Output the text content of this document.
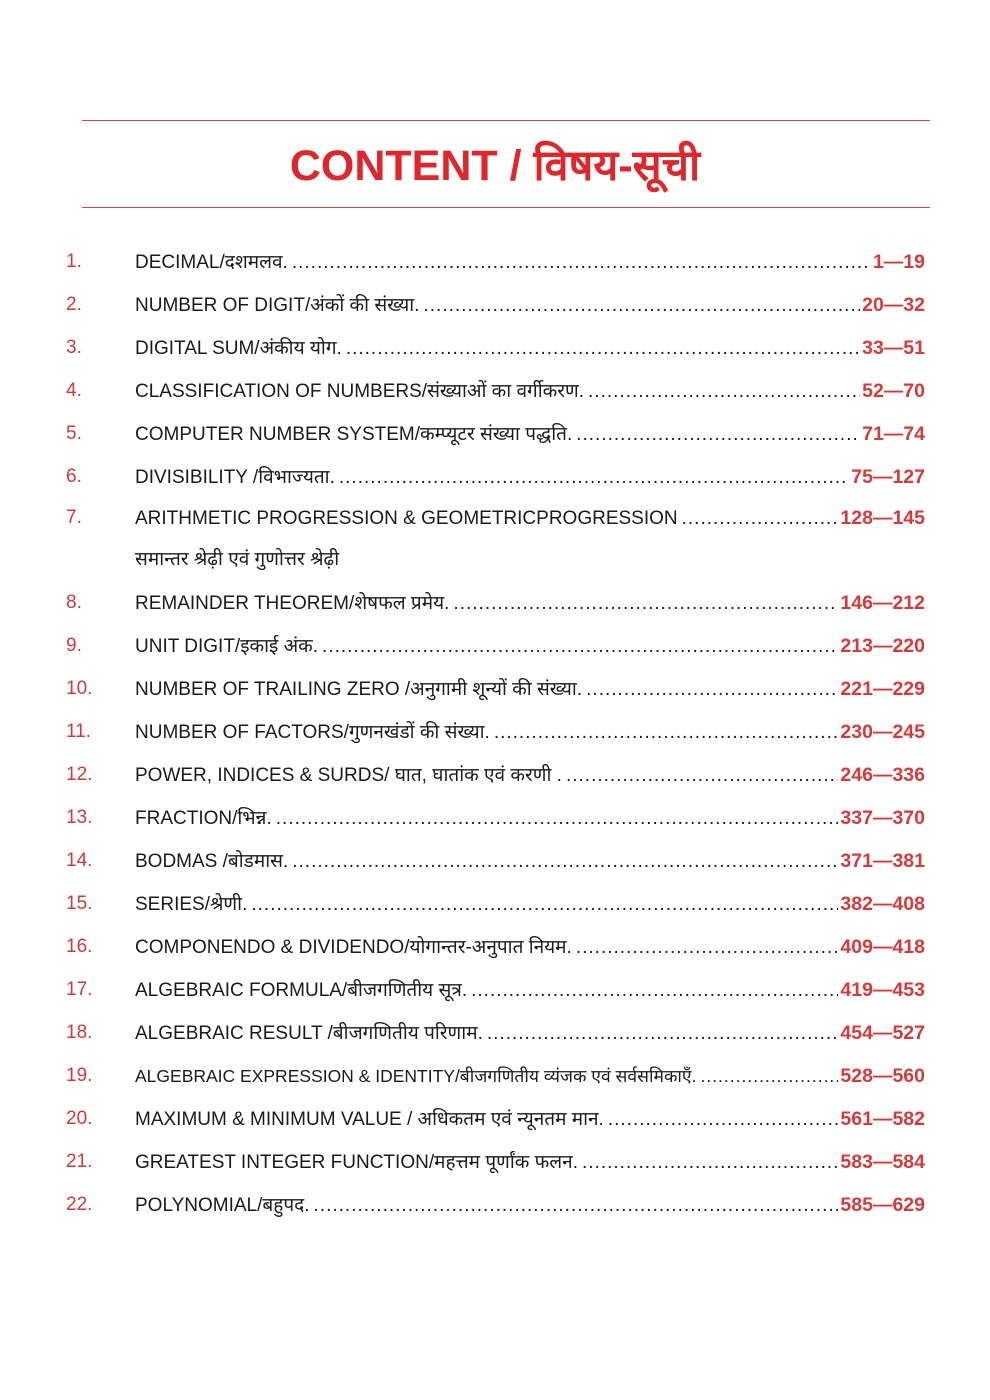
CONTENT / विषय-सूची
1.	DECIMAL/दशमलव. .....	1—19
2.	NUMBER OF DIGIT/अंकों की संख्या. .....	20—32
3.	DIGITAL SUM/अंकीय योग. .....	33—51
4.	CLASSIFICATION OF NUMBERS/संख्याओं का वर्गीकरण. .....	52—70
5.	COMPUTER NUMBER SYSTEM/कम्प्यूटर संख्या पद्धति. .....	71—74
6.	DIVISIBILITY /विभाज्यता. .....	75—127
7.	ARITHMETIC PROGRESSION & GEOMETRICPROGRESSION .....	128—145
समान्तर श्रेढ़ी एवं गुणोत्तर श्रेढ़ी
8.	REMAINDER THEOREM/शेषफल प्रमेय. .....	146—212
9.	UNIT DIGIT/इकाई अंक. .....	213—220
10.	NUMBER OF TRAILING ZERO /अनुगामी शून्यों की संख्या. .....	221—229
11.	NUMBER OF FACTORS/गुणनखंडों की संख्या. .....	230—245
12.	POWER, INDICES & SURDS/ घात, घातांक एवं करणी . .....	246—336
13.	FRACTION/भिन्न. .....	337—370
14.	BODMAS /बोडमास. .....	371—381
15.	SERIES/श्रेणी. .....	382—408
16.	COMPONENDO & DIVIDENDO/योगान्तर-अनुपात नियम. .....	409—418
17.	ALGEBRAIC FORMULA/बीजगणितीय सूत्र. .....	419—453
18.	ALGEBRAIC RESULT /बीजगणितीय परिणाम. .....	454—527
19.	ALGEBRAIC EXPRESSION & IDENTITY/बीजगणितीय व्यंजक एवं सर्वसमिकाएँ. .....	528—560
20.	MAXIMUM & MINIMUM VALUE / अधिकतम एवं न्यूनतम मान. .....	561—582
21.	GREATEST INTEGER FUNCTION/महत्तम पूर्णांक फलन. .....	583—584
22.	POLYNOMIAL/बहुपद. .....	585—629
